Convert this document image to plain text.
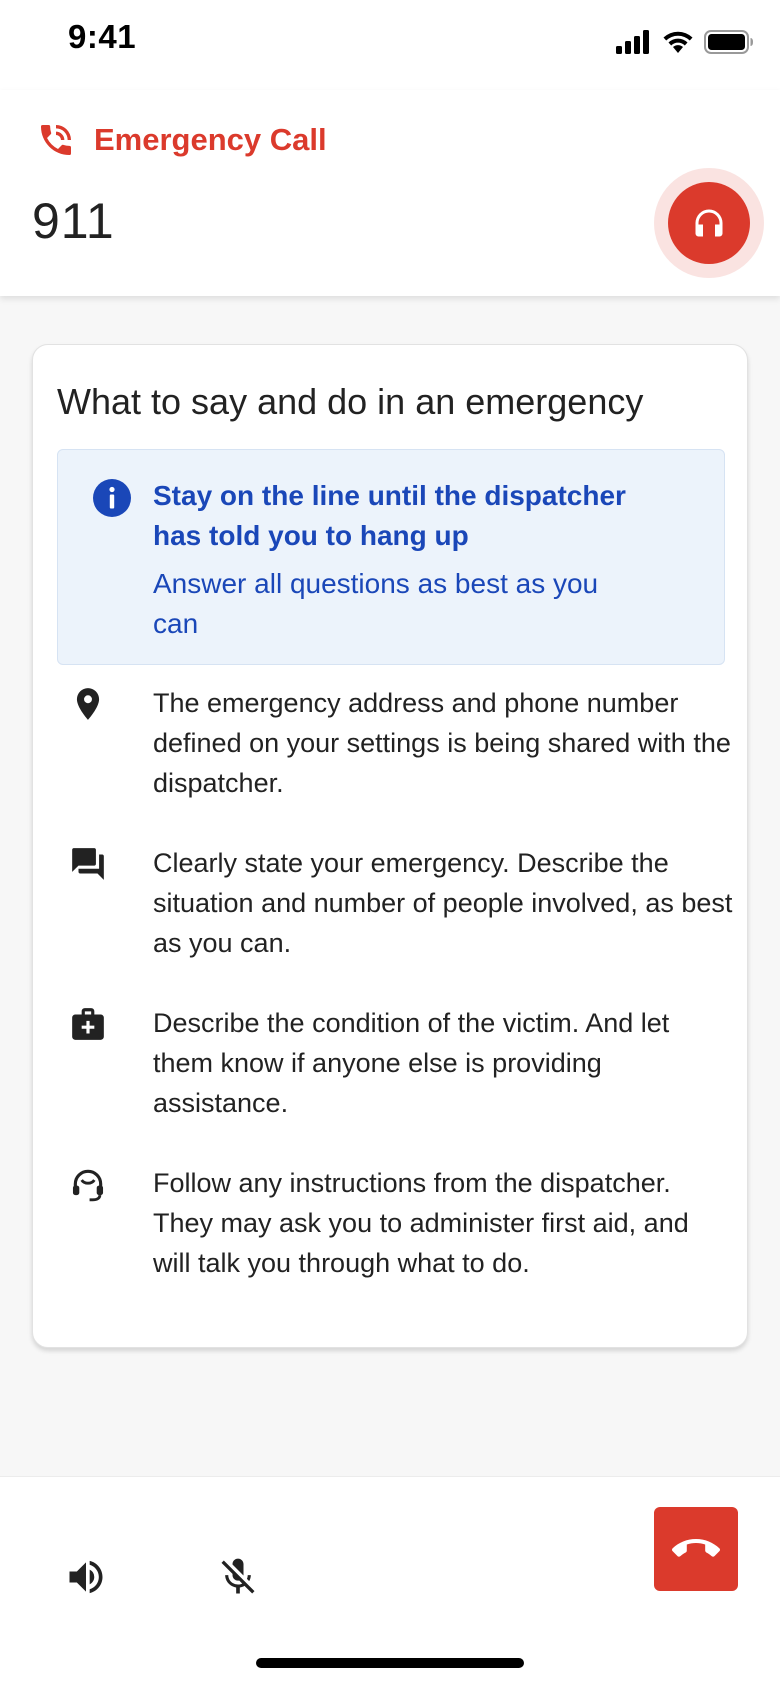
9:41
Emergency Call
911
What to say and do in an emergency
Stay on the line until the dispatcher has told you to hang up
Answer all questions as best as you can
The emergency address and phone number defined on your settings is being shared with the dispatcher.
Clearly state your emergency. Describe the situation and number of people involved, as best as you can.
Describe the condition of the victim. And let them know if anyone else is providing assistance.
Follow any instructions from the dispatcher. They may ask you to administer first aid, and will talk you through what to do.
